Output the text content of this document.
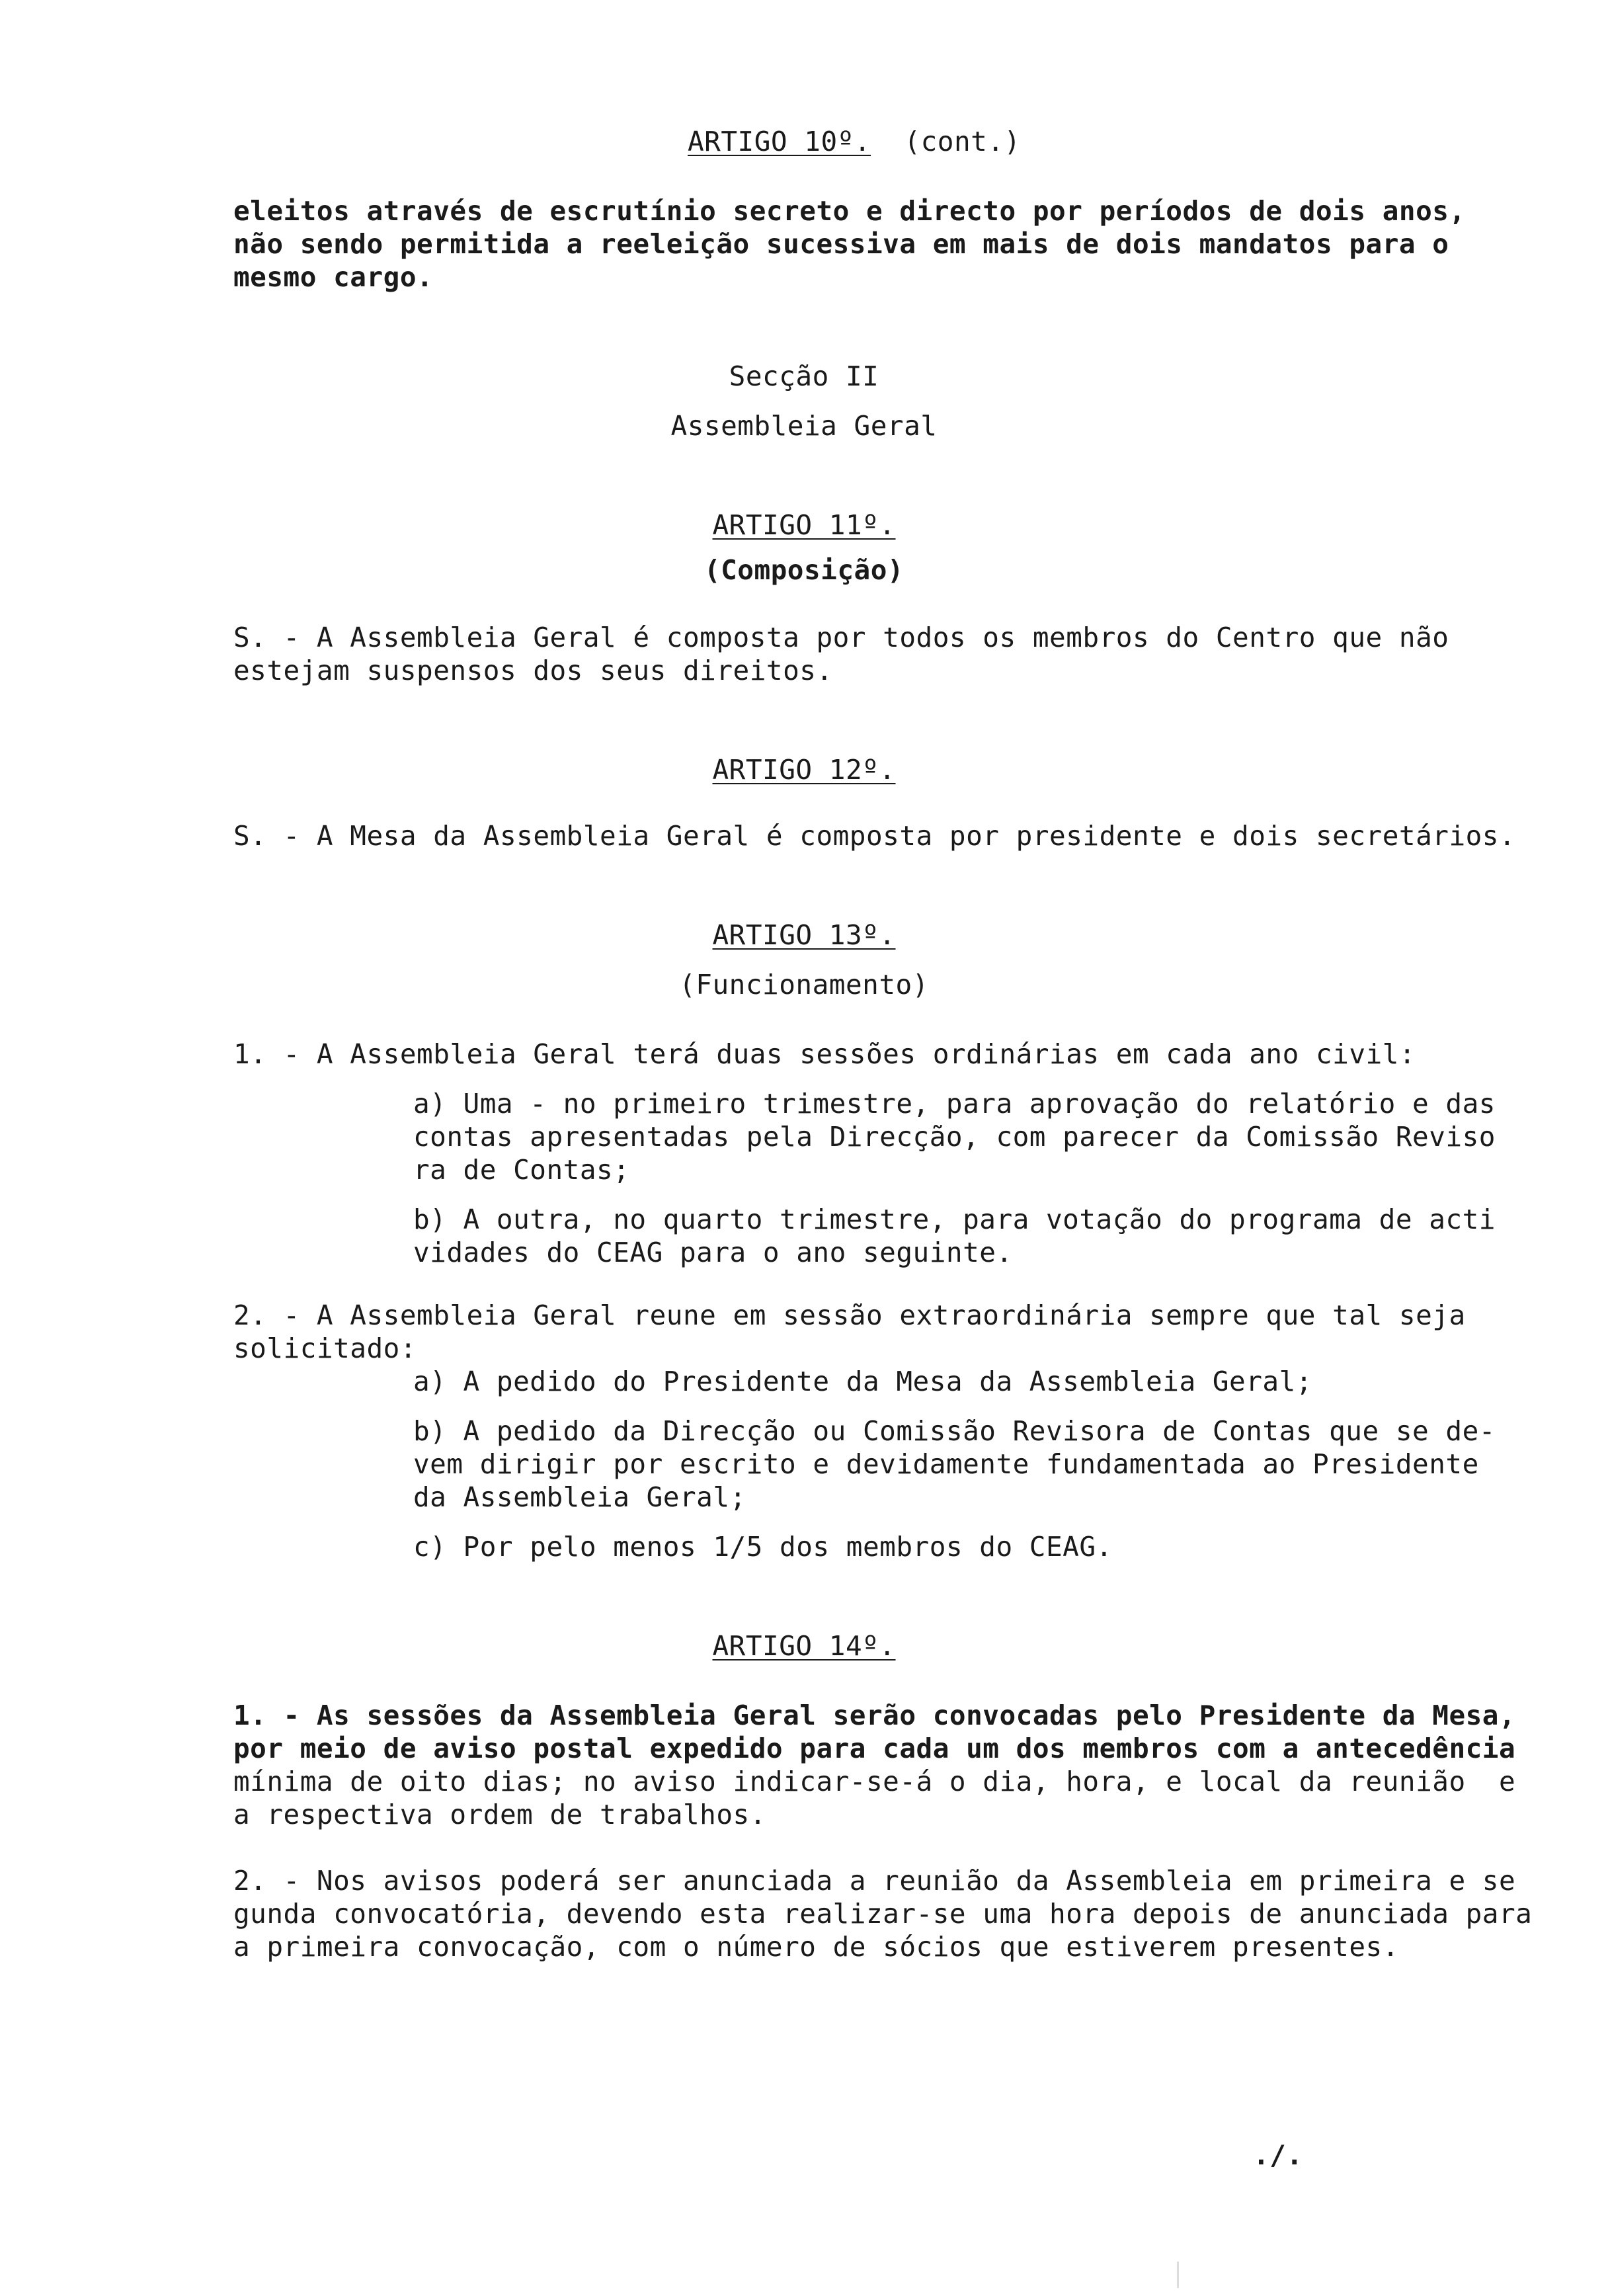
ARTIGO 10º. (cont.)
eleitos através de escrutínio secreto e directo por períodos de dois anos,
não sendo permitida a reeleição sucessiva em mais de dois mandatos para o
mesmo cargo.
Secção II
Assembleia Geral
ARTIGO 11º.
(Composição)
S. - A Assembleia Geral é composta por todos os membros do Centro que não
estejam suspensos dos seus direitos.
ARTIGO 12º.
S. - A Mesa da Assembleia Geral é composta por presidente e dois secretários.
ARTIGO 13º.
(Funcionamento)
1. - A Assembleia Geral terá duas sessões ordinárias em cada ano civil:
a) Uma - no primeiro trimestre, para aprovação do relatório e das
contas apresentadas pela Direcção, com parecer da Comissão Reviso
ra de Contas;
b) A outra, no quarto trimestre, para votação do programa de acti
vidades do CEAG para o ano seguinte.
2. - A Assembleia Geral reune em sessão extraordinária sempre que tal seja
solicitado:
a) A pedido do Presidente da Mesa da Assembleia Geral;
b) A pedido da Direcção ou Comissão Revisora de Contas que se de-
vem dirigir por escrito e devidamente fundamentada ao Presidente
da Assembleia Geral;
c) Por pelo menos 1/5 dos membros do CEAG.
ARTIGO 14º.
1. - As sessões da Assembleia Geral serão convocadas pelo Presidente da Mesa,
por meio de aviso postal expedido para cada um dos membros com a antecedência
mínima de oito dias; no aviso indicar-se-á o dia, hora, e local da reunião  e
a respectiva ordem de trabalhos.
2. - Nos avisos poderá ser anunciada a reunião da Assembleia em primeira e se
gunda convocatória, devendo esta realizar-se uma hora depois de anunciada para
a primeira convocação, com o número de sócios que estiverem presentes.
./.
